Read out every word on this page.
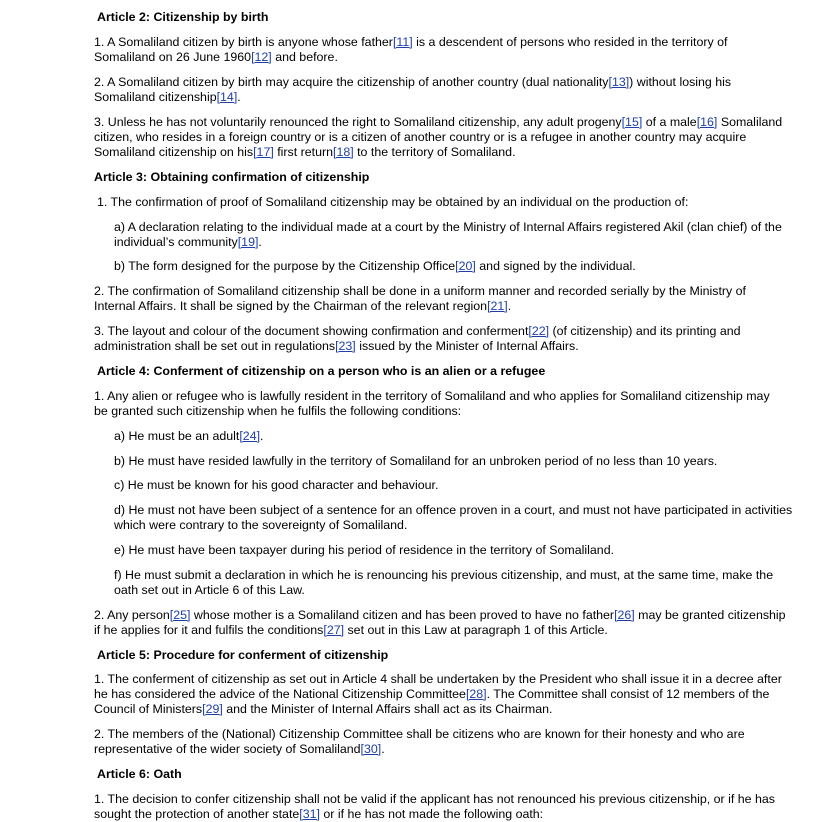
Article 2: Citizenship by birth
1. A Somaliland citizen by birth is anyone whose father[11] is a descendent of persons who resided in the territory of
Somaliland on 26 June 1960[12] and before.
2. A Somaliland citizen by birth may acquire the citizenship of another country (dual nationality[13]) without losing his
Somaliland citizenship[14].
3. Unless he has not voluntarily renounced the right to Somaliland citizenship, any adult progeny[15] of a male[16] Somaliland
citizen, who resides in a foreign country or is a citizen of another country or is a refugee in another country may acquire
Somaliland citizenship on his[17] first return[18] to the territory of Somaliland.
Article 3: Obtaining confirmation of citizenship
1. The confirmation of proof of Somaliland citizenship may be obtained by an individual on the production of:
a) A declaration relating to the individual made at a court by the Ministry of Internal Affairs registered Akil (clan chief) of the
individual’s community[19].
b) The form designed for the purpose by the Citizenship Office[20] and signed by the individual.
2. The confirmation of Somaliland citizenship shall be done in a uniform manner and recorded serially by the Ministry of
Internal Affairs. It shall be signed by the Chairman of the relevant region[21].
3. The layout and colour of the document showing confirmation and conferment[22] (of citizenship) and its printing and
administration shall be set out in regulations[23] issued by the Minister of Internal Affairs.
Article 4: Conferment of citizenship on a person who is an alien or a refugee
1. Any alien or refugee who is lawfully resident in the territory of Somaliland and who applies for Somaliland citizenship may
be granted such citizenship when he fulfils the following conditions:
a) He must be an adult[24].
b) He must have resided lawfully in the territory of Somaliland for an unbroken period of no less than 10 years.
c) He must be known for his good character and behaviour.
d) He must not have been subject of a sentence for an offence proven in a court, and must not have participated in activities
which were contrary to the sovereignty of Somaliland.
e) He must have been taxpayer during his period of residence in the territory of Somaliland.
f) He must submit a declaration in which he is renouncing his previous citizenship, and must, at the same time, make the
oath set out in Article 6 of this Law.
2. Any person[25] whose mother is a Somaliland citizen and has been proved to have no father[26] may be granted citizenship
if he applies for it and fulfils the conditions[27] set out in this Law at paragraph 1 of this Article.
Article 5: Procedure for conferment of citizenship
1. The conferment of citizenship as set out in Article 4 shall be undertaken by the President who shall issue it in a decree after
he has considered the advice of the National Citizenship Committee[28]. The Committee shall consist of 12 members of the
Council of Ministers[29] and the Minister of Internal Affairs shall act as its Chairman.
2. The members of the (National) Citizenship Committee shall be citizens who are known for their honesty and who are
representative of the wider society of Somaliland[30].
Article 6: Oath
1. The decision to confer citizenship shall not be valid if the applicant has not renounced his previous citizenship, or if he has
sought the protection of another state[31] or if he has not made the following oath:
